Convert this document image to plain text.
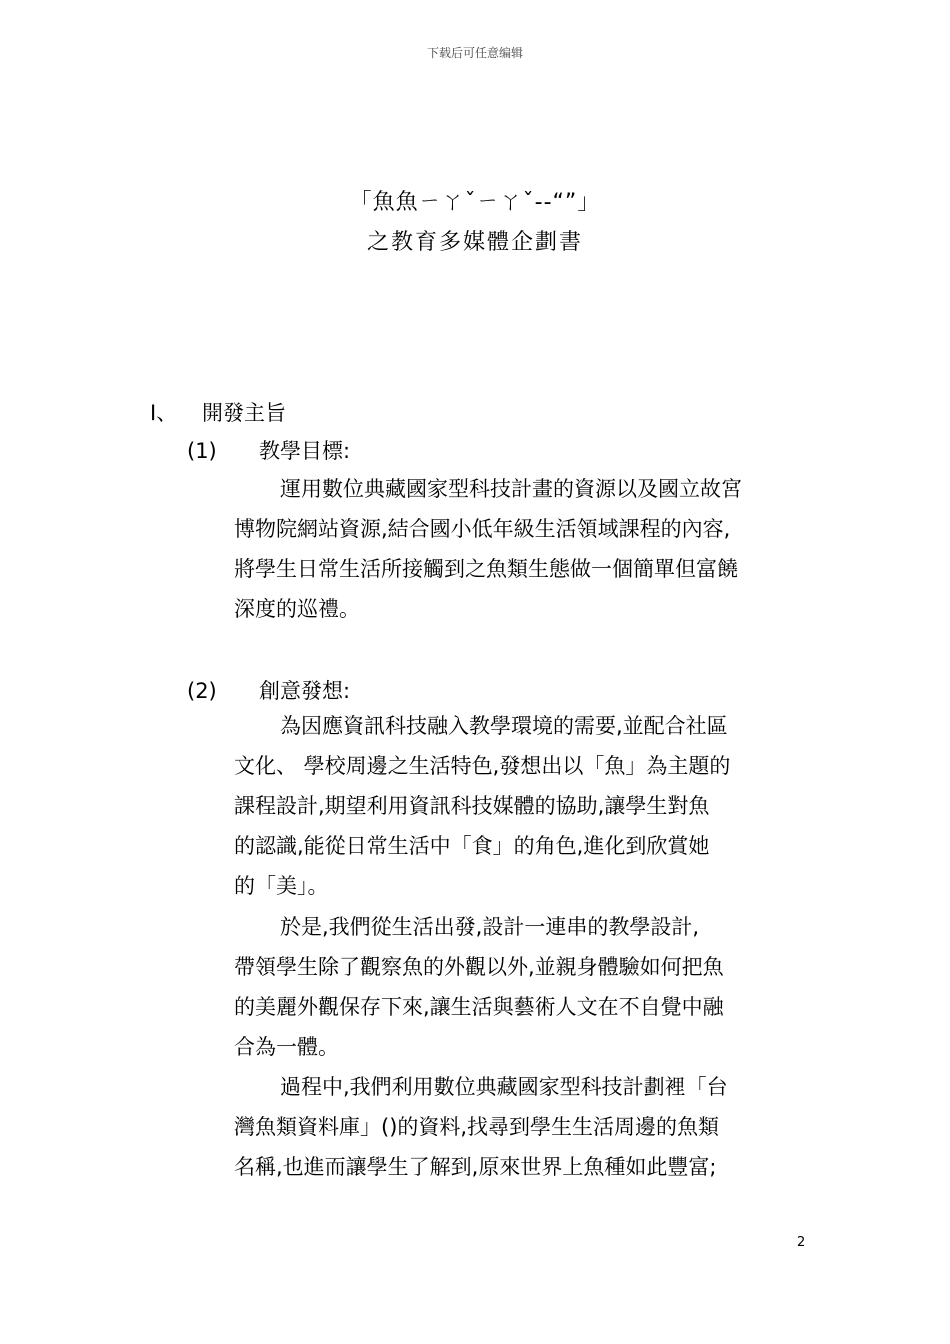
下载后可任意编辑
「魚魚ㄧㄚˇㄧㄚˇ--“”」
之教育多媒體企劃書
Ι、 開發主旨
(1) 教學目標:
運用數位典藏國家型科技計畫的資源以及國立故宮
博物院網站資源,結合國小低年級生活領域課程的內容,
將學生日常生活所接觸到之魚類生態做一個簡單但富饒
深度的巡禮。
(2) 創意發想:
為因應資訊科技融入教學環境的需要,並配合社區
文化、 學校周邊之生活特色,發想出以「魚」為主題的
課程設計,期望利用資訊科技媒體的協助,讓學生對魚
的認識,能從日常生活中「食」的角色,進化到欣賞她
的「美」。
於是,我們從生活出發,設計一連串的教學設計,
帶領學生除了觀察魚的外觀以外,並親身體驗如何把魚
的美麗外觀保存下來,讓生活與藝術人文在不自覺中融
合為一體。
過程中,我們利用數位典藏國家型科技計劃裡「台
灣魚類資料庫」()的資料,找尋到學生生活周邊的魚類
名稱,也進而讓學生了解到,原來世界上魚種如此豐富;
2
